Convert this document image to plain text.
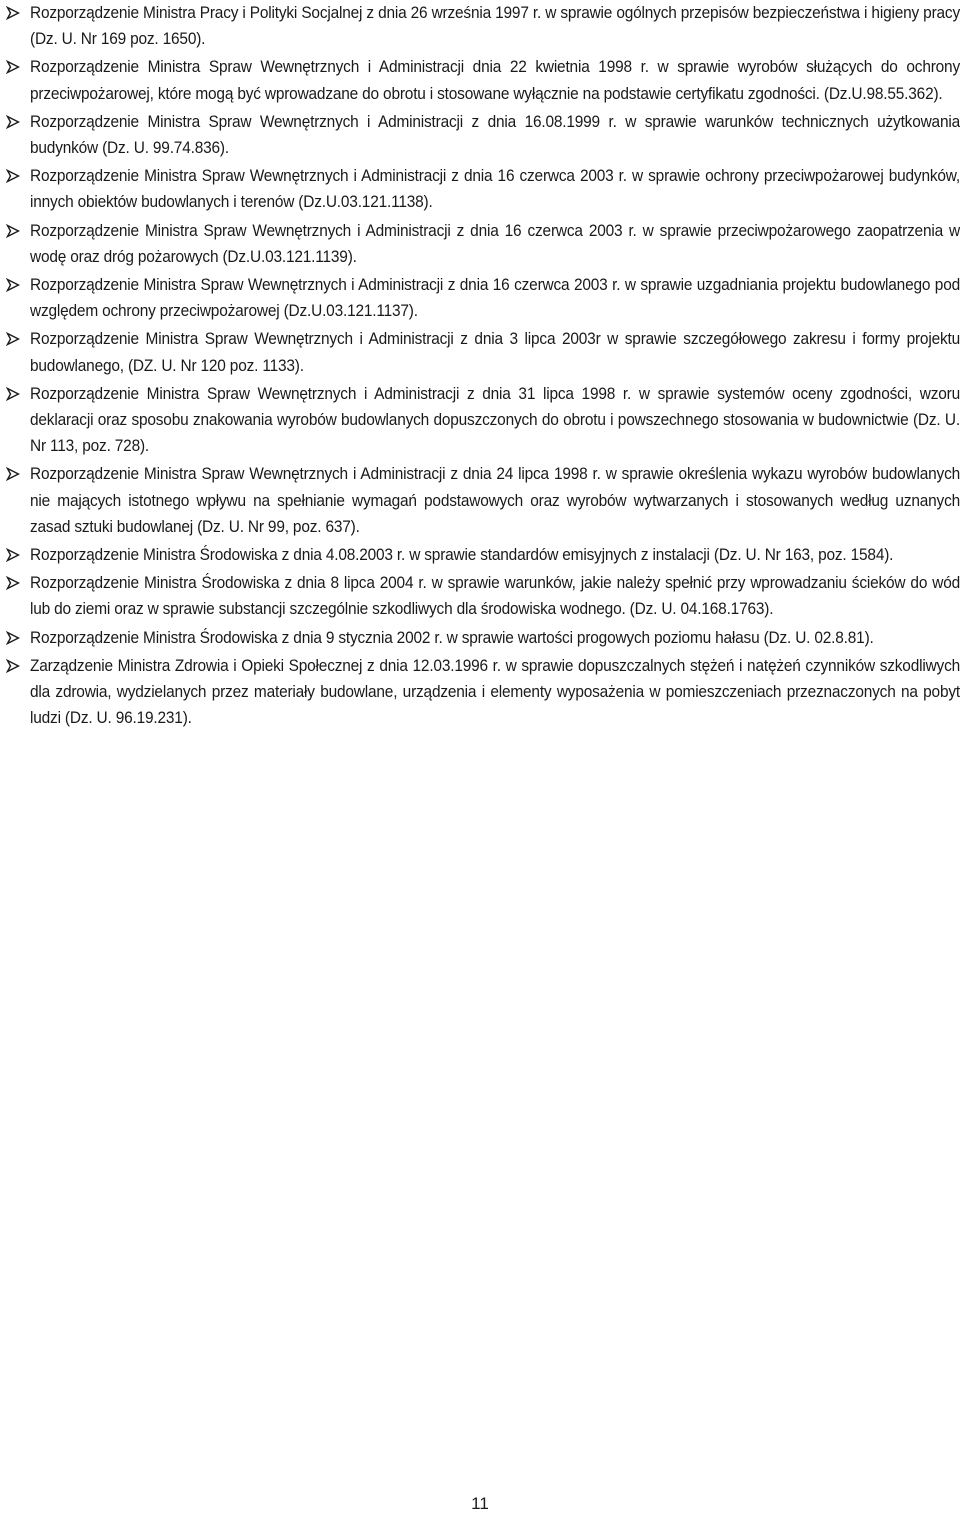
Rozporządzenie Ministra Pracy i Polityki Socjalnej z dnia 26 września 1997 r. w sprawie ogólnych przepisów bezpieczeństwa i higieny pracy (Dz. U. Nr 169 poz. 1650).
Rozporządzenie Ministra Spraw Wewnętrznych i Administracji dnia 22 kwietnia 1998 r. w sprawie wyrobów służących do ochrony przeciwpożarowej, które mogą być wprowadzane do obrotu i stosowane wyłącznie na podstawie certyfikatu zgodności. (Dz.U.98.55.362).
Rozporządzenie Ministra Spraw Wewnętrznych i Administracji z dnia 16.08.1999 r. w sprawie warunków technicznych użytkowania budynków (Dz. U. 99.74.836).
Rozporządzenie Ministra Spraw Wewnętrznych i Administracji z dnia 16 czerwca 2003 r. w sprawie ochrony przeciwpożarowej budynków, innych obiektów budowlanych i terenów (Dz.U.03.121.1138).
Rozporządzenie Ministra Spraw Wewnętrznych i Administracji z dnia 16 czerwca 2003 r. w sprawie przeciwpożarowego zaopatrzenia w wodę oraz dróg pożarowych (Dz.U.03.121.1139).
Rozporządzenie Ministra Spraw Wewnętrznych i Administracji z dnia 16 czerwca 2003 r. w sprawie uzgadniania projektu budowlanego pod względem ochrony przeciwpożarowej (Dz.U.03.121.1137).
Rozporządzenie Ministra Spraw Wewnętrznych i Administracji z dnia 3 lipca 2003r w sprawie szczegółowego zakresu i formy projektu budowlanego, (DZ. U. Nr 120 poz. 1133).
Rozporządzenie Ministra Spraw Wewnętrznych i Administracji z dnia 31 lipca 1998 r. w sprawie systemów oceny zgodności, wzoru deklaracji oraz sposobu znakowania wyrobów budowlanych dopuszczonych do obrotu i powszechnego stosowania w budownictwie (Dz. U. Nr 113, poz. 728).
Rozporządzenie Ministra Spraw Wewnętrznych i Administracji z dnia 24 lipca 1998 r. w sprawie określenia wykazu wyrobów budowlanych nie mających istotnego wpływu na spełnianie wymagań podstawowych oraz wyrobów wytwarzanych i stosowanych według uznanych zasad sztuki budowlanej (Dz. U. Nr 99, poz. 637).
Rozporządzenie Ministra Środowiska z dnia 4.08.2003 r. w sprawie standardów emisyjnych z instalacji (Dz. U. Nr 163, poz. 1584).
Rozporządzenie Ministra Środowiska z dnia 8 lipca 2004 r. w sprawie warunków, jakie należy spełnić przy wprowadzaniu ścieków do wód lub do ziemi oraz w sprawie substancji szczególnie szkodliwych dla środowiska wodnego. (Dz. U. 04.168.1763).
Rozporządzenie Ministra Środowiska z dnia 9 stycznia 2002 r. w sprawie wartości progowych poziomu hałasu (Dz. U. 02.8.81).
Zarządzenie Ministra Zdrowia i Opieki Społecznej z dnia 12.03.1996 r. w sprawie dopuszczalnych stężeń i natężeń czynników szkodliwych dla zdrowia, wydzielanych przez materiały budowlane, urządzenia i elementy wyposażenia w pomieszczeniach przeznaczonych na pobyt ludzi (Dz. U. 96.19.231).
11
